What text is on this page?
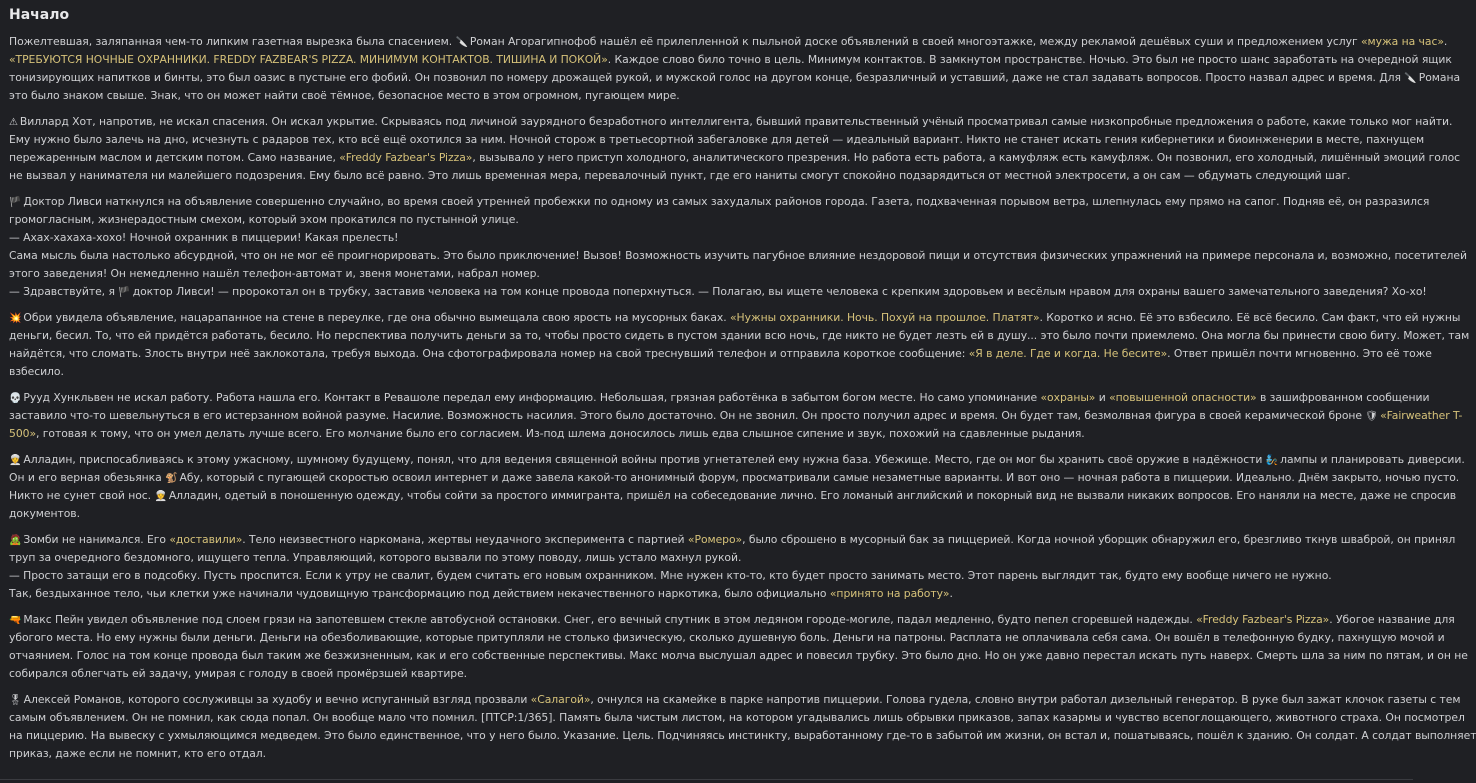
Начало
Пожелтевшая, заляпанная чем-то липким газетная вырезка была спасением. 🔪 Роман Агорагипнофоб нашёл её прилепленной к пыльной доске объявлений в своей многоэтажке, между рекламой дешёвых суши и предложением услуг «мужа на час».
«ТРЕБУЮТСЯ НОЧНЫЕ ОХРАННИКИ. FREDDY FAZBEAR'S PIZZA. МИНИМУМ КОНТАКТОВ. ТИШИНА И ПОКОЙ». Каждое слово било точно в цель. Минимум контактов. В замкнутом пространстве. Ночью. Это был не просто шанс заработать на очередной ящик
тонизирующих напитков и бинты, это был оазис в пустыне его фобий. Он позвонил по номеру дрожащей рукой, и мужской голос на другом конце, безразличный и уставший, даже не стал задавать вопросов. Просто назвал адрес и время. Для 🔪 Романа
это было знаком свыше. Знак, что он может найти своё тёмное, безопасное место в этом огромном, пугающем мире.
⚠ Виллард Хот, напротив, не искал спасения. Он искал укрытие. Скрываясь под личиной заурядного безработного интеллигента, бывший правительственный учёный просматривал самые низкопробные предложения о работе, какие только мог найти.
Ему нужно было залечь на дно, исчезнуть с радаров тех, кто всё ещё охотился за ним. Ночной сторож в третьесортной забегаловке для детей — идеальный вариант. Никто не станет искать гения кибернетики и биоинженерии в месте, пахнущем
пережаренным маслом и детским потом. Само название, «Freddy Fazbear's Pizza», вызывало у него приступ холодного, аналитического презрения. Но работа есть работа, а камуфляж есть камуфляж. Он позвонил, его холодный, лишённый эмоций голос
не вызвал у нанимателя ни малейшего подозрения. Ему было всё равно. Это лишь временная мера, перевалочный пункт, где его наниты смогут спокойно подзарядиться от местной электросети, а он сам — обдумать следующий шаг.
🏴 Доктор Ливси наткнулся на объявление совершенно случайно, во время своей утренней пробежки по одному из самых захудалых районов города. Газета, подхваченная порывом ветра, шлепнулась ему прямо на сапог. Подняв её, он разразился
громогласным, жизнерадостным смехом, который эхом прокатился по пустынной улице.
— Ахах-хахаха-хохо! Ночной охранник в пиццерии! Какая прелесть!
Сама мысль была настолько абсурдной, что он не мог её проигнорировать. Это было приключение! Вызов! Возможность изучить пагубное влияние нездоровой пищи и отсутствия физических упражнений на примере персонала и, возможно, посетителей
этого заведения! Он немедленно нашёл телефон-автомат и, звеня монетами, набрал номер.
— Здравствуйте, я 🏴 доктор Ливси! — пророкотал он в трубку, заставив человека на том конце провода поперхнуться. — Полагаю, вы ищете человека с крепким здоровьем и весёлым нравом для охраны вашего замечательного заведения? Хо-хо!
💥 Обри увидела объявление, нацарапанное на стене в переулке, где она обычно вымещала свою ярость на мусорных баках. «Нужны охранники. Ночь. Похуй на прошлое. Платят». Коротко и ясно. Её это взбесило. Её всё бесило. Сам факт, что ей нужны
деньги, бесил. То, что ей придётся работать, бесило. Но перспектива получить деньги за то, чтобы просто сидеть в пустом здании всю ночь, где никто не будет лезть ей в душу... это было почти приемлемо. Она могла бы принести свою биту. Может, там
найдётся, что сломать. Злость внутри неё заклокотала, требуя выхода. Она сфотографировала номер на свой треснувший телефон и отправила короткое сообщение: «Я в деле. Где и когда. Не бесите». Ответ пришёл почти мгновенно. Это её тоже
взбесило.
💀 Рууд Хункльвен не искал работу. Работа нашла его. Контакт в Ревашоле передал ему информацию. Небольшая, грязная работёнка в забытом богом месте. Но само упоминание «охраны» и «повышенной опасности» в зашифрованном сообщении
заставило что-то шевельнуться в его истерзанном войной разуме. Насилие. Возможность насилия. Этого было достаточно. Он не звонил. Он просто получил адрес и время. Он будет там, безмолвная фигура в своей керамической броне 🛡 «Fairweather T-
500», готовая к тому, что он умел делать лучше всего. Его молчание было его согласием. Из-под шлема доносилось лишь едва слышное сипение и звук, похожий на сдавленные рыдания.
👳 Алладин, приспосабливаясь к этому ужасному, шумному будущему, понял, что для ведения священной войны против угнетателей ему нужна база. Убежище. Место, где он мог бы хранить своё оружие в надёжности 🧞 лампы и планировать диверсии.
Он и его верная обезьянка 🐒 Абу, который с пугающей скоростью освоил интернет и даже завела какой-то анонимный форум, просматривали самые незаметные варианты. И вот оно — ночная работа в пиццерии. Идеально. Днём закрыто, ночью пусто.
Никто не сунет свой нос. 👳 Алладин, одетый в поношенную одежду, чтобы сойти за простого иммигранта, пришёл на собеседование лично. Его ломаный английский и покорный вид не вызвали никаких вопросов. Его наняли на месте, даже не спросив
документов.
🧟 Зомби не нанимался. Его «доставили». Тело неизвестного наркомана, жертвы неудачного эксперимента с партией «Ромеро», было сброшено в мусорный бак за пиццерией. Когда ночной уборщик обнаружил его, брезгливо ткнув шваброй, он принял
труп за очередного бездомного, ищущего тепла. Управляющий, которого вызвали по этому поводу, лишь устало махнул рукой.
— Просто затащи его в подсобку. Пусть проспится. Если к утру не свалит, будем считать его новым охранником. Мне нужен кто-то, кто будет просто занимать место. Этот парень выглядит так, будто ему вообще ничего не нужно.
Так, бездыханное тело, чьи клетки уже начинали чудовищную трансформацию под действием некачественного наркотика, было официально «принято на работу».
🔫 Макс Пейн увидел объявление под слоем грязи на запотевшем стекле автобусной остановки. Снег, его вечный спутник в этом ледяном городе-могиле, падал медленно, будто пепел сгоревшей надежды. «Freddy Fazbear's Pizza». Убогое название для
убогого места. Но ему нужны были деньги. Деньги на обезболивающие, которые притупляли не столько физическую, сколько душевную боль. Деньги на патроны. Расплата не оплачивала себя сама. Он вошёл в телефонную будку, пахнущую мочой и
отчаянием. Голос на том конце провода был таким же безжизненным, как и его собственные перспективы. Макс молча выслушал адрес и повесил трубку. Это было дно. Но он уже давно перестал искать путь наверх. Смерть шла за ним по пятам, и он не
собирался облегчать ей задачу, умирая с голоду в своей промёрзшей квартире.
🎖 Алексей Романов, которого сослуживцы за худобу и вечно испуганный взгляд прозвали «Салагой», очнулся на скамейке в парке напротив пиццерии. Голова гудела, словно внутри работал дизельный генератор. В руке был зажат клочок газеты с тем
самым объявлением. Он не помнил, как сюда попал. Он вообще мало что помнил. [ПТСР:1/365]. Память была чистым листом, на котором угадывались лишь обрывки приказов, запах казармы и чувство всепоглощающего, животного страха. Он посмотрел
на пиццерию. На вывеску с ухмыляющимся медведем. Это было единственное, что у него было. Указание. Цель. Подчиняясь инстинкту, выработанному где-то в забытой им жизни, он встал и, пошатываясь, пошёл к зданию. Он солдат. А солдат выполняет
приказ, даже если не помнит, кто его отдал.
